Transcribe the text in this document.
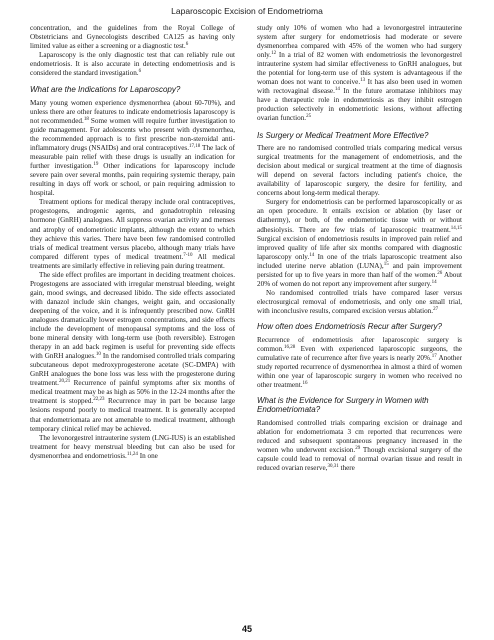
Laparoscopic Excision of Endometrioma

concentration, and the guidelines from the Royal College of Obstetricians and Gynecologists described CA125 as having only limited value as either a screening or a diagnostic test.$^6$

Laparoscopy is the only diagnostic test that can reliably rule out endometriosis. It is also accurate in detecting endometriosis and is considered the standard investigation.$^6$

What are the Indications for Laparoscopy?

Many young women experience dysmenorrhea (about 60-70%), and unless there are other features to indicate endometriosis laparoscopy is not recommended.$^{18}$ Some women will require further investigation to guide management. For adolescents who present with dysmenorrhea, the recommended approach is to first prescribe non-steroidal anti-inflammatory drugs (NSAIDs) and oral contraceptives.$^{17,18}$ The lack of measurable pain relief with these drugs is usually an indication for further investigation.$^{19}$ Other indications for laparoscopy include severe pain over several months, pain requiring systemic therapy, pain resulting in days off work or school, or pain requiring admission to hospital.

Treatment options for medical therapy include oral contraceptives, progestogens, androgenic agents, and gonadotrophin releasing hormone (GnRH) analogues. All suppress ovarian activity and menses and atrophy of endometriotic implants, although the extent to which they achieve this varies. There have been few randomised controlled trials of medical treatment versus placebo, although many trials have compared different types of medical treatment.$^{7-10}$ All medical treatments are similarly effective in relieving pain during treatment.

The side effect profiles are important in deciding treatment choices. Progestogens are associated with irregular menstrual bleeding, weight gain, mood swings, and decreased libido. The side effects associated with danazol include skin changes, weight gain, and occasionally deepening of the voice, and it is infrequently prescribed now. GnRH analogues dramatically lower estrogen concentrations, and side effects include the development of menopausal symptoms and the loss of bone mineral density with long-term use (both reversible). Estrogen therapy in an add back regimen is useful for preventing side effects with GnRH analogues.$^{10}$ In the randomised controlled trials comparing subcutaneous depot medroxyprogesterone acetate (SC-DMPA) with GnRH analogues the bone loss was less with the progesterone during treatment.$^{20,21}$ Recurrence of painful symptoms after six months of medical treatment may be as high as 50% in the 12-24 months after the treatment is stopped.$^{22,23}$ Recurrence may in part be because large lesions respond poorly to medical treatment. It is generally accepted that endometriomata are not amenable to medical treatment, although temporary clinical relief may be achieved.

The levonorgestrel intrauterine system (LNG-IUS) is an established treatment for heavy menstrual bleeding but can also be used for dysmenorrhea and endometriosis.$^{11,24}$ In one

study only 10% of women who had a levonorgestrel intrauterine system after surgery for endometriosis had moderate or severe dysmenorrhea compared with 45% of the women who had surgery only.$^{12}$ In a trial of 82 women with endometriosis the levonorgestrel intrauterine system had similar effectiveness to GnRH analogues, but the potential for long-term use of this system is advantageous if the woman does not want to conceive.$^{13}$ It has also been used in women with rectovaginal disease.$^{14}$ In the future aromatase inhibitors may have a therapeutic role in endometriosis as they inhibit estrogen production selectively in endometriotic lesions, without affecting ovarian function.$^{25}$

Is Surgery or Medical Treatment More Effective?

There are no randomised controlled trials comparing medical versus surgical treatments for the management of endometriosis, and the decision about medical or surgical treatment at the time of diagnosis will depend on several factors including patient's choice, the availability of laparoscopic surgery, the desire for fertility, and concerns about long-term medical therapy.

Surgery for endometriosis can be performed laparoscopically or as an open procedure. It entails excision or ablation (by laser or diathermy), or both, of the endometriotic tissue with or without adhesiolysis. There are few trials of laparoscopic treatment.$^{14,15}$ Surgical excision of endometriosis results in improved pain relief and improved quality of life after six months compared with diagnostic laparoscopy only.$^{14}$ In one of the trials laparoscopic treatment also included uterine nerve ablation (LUNA),$^{15}$ and pain improvement persisted for up to five years in more than half of the women.$^{26}$ About 20% of women do not report any improvement after surgery.$^{14}$

No randomised controlled trials have compared laser versus electrosurgical removal of endometriosis, and only one small trial, with inconclusive results, compared excision versus ablation.$^{27}$

How often does Endometriosis Recur after Surgery?

Recurrence of endometriosis after laparoscopic surgery is common.$^{16,28}$ Even with experienced laparoscopic surgeons, the cumulative rate of recurrence after five years is nearly 20%.$^{17}$ Another study reported recurrence of dysmenorrhea in almost a third of women within one year of laparoscopic surgery in women who received no other treatment.$^{16}$

What is the Evidence for Surgery in Women with Endometriomata?

Randomised controlled trials comparing excision or drainage and ablation for endometriomata 3 cm reported that recurrences were reduced and subsequent spontaneous pregnancy increased in the women who underwent excision.$^{29}$ Though excisional surgery of the capsule could lead to removal of normal ovarian tissue and result in reduced ovarian reserve,$^{30,31}$ there

45
